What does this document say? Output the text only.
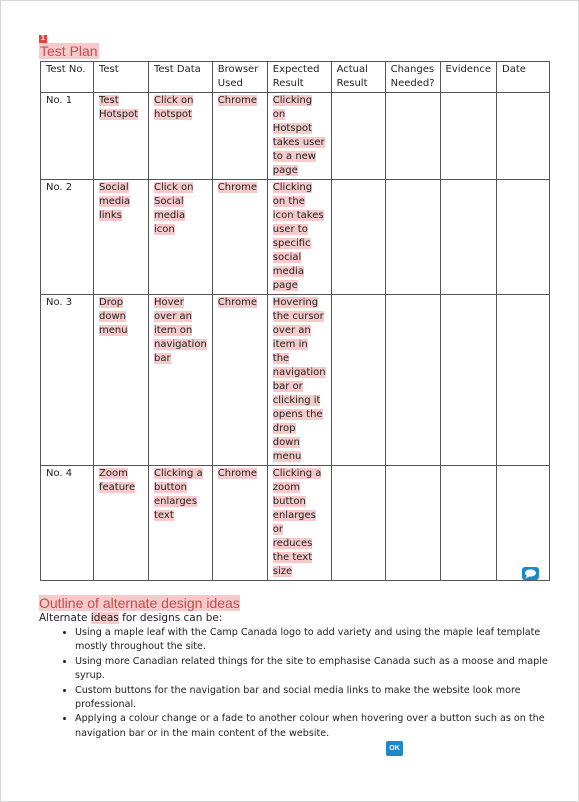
1
Test Plan
Test No.	Test	Test Data	Browser Used	Expected Result	Actual Result	Changes Needed?	Evidence	Date
No. 1	Test Hotspot	Click on hotspot	Chrome	Clicking on Hotspot takes user to a new page				
No. 2	Social media links	Click on Social media icon	Chrome	Clicking on the icon takes user to specific social media page				
No. 3	Drop down menu	Hover over an item on navigation bar	Chrome	Hovering the cursor over an item in the navigation bar or clicking it opens the drop down menu				
No. 4	Zoom feature	Clicking a button enlarges text	Chrome	Clicking a zoom button enlarges or reduces the text size				
Outline of alternate design ideas
Alternate ideas for designs can be:
• Using a maple leaf with the Camp Canada logo to add variety and using the maple leaf template mostly throughout the site.
• Using more Canadian related things for the site to emphasise Canada such as a moose and maple syrup.
• Custom buttons for the navigation bar and social media links to make the website look more professional.
• Applying a colour change or a fade to another colour when hovering over a button such as on the navigation bar or in the main content of the website.
OK
